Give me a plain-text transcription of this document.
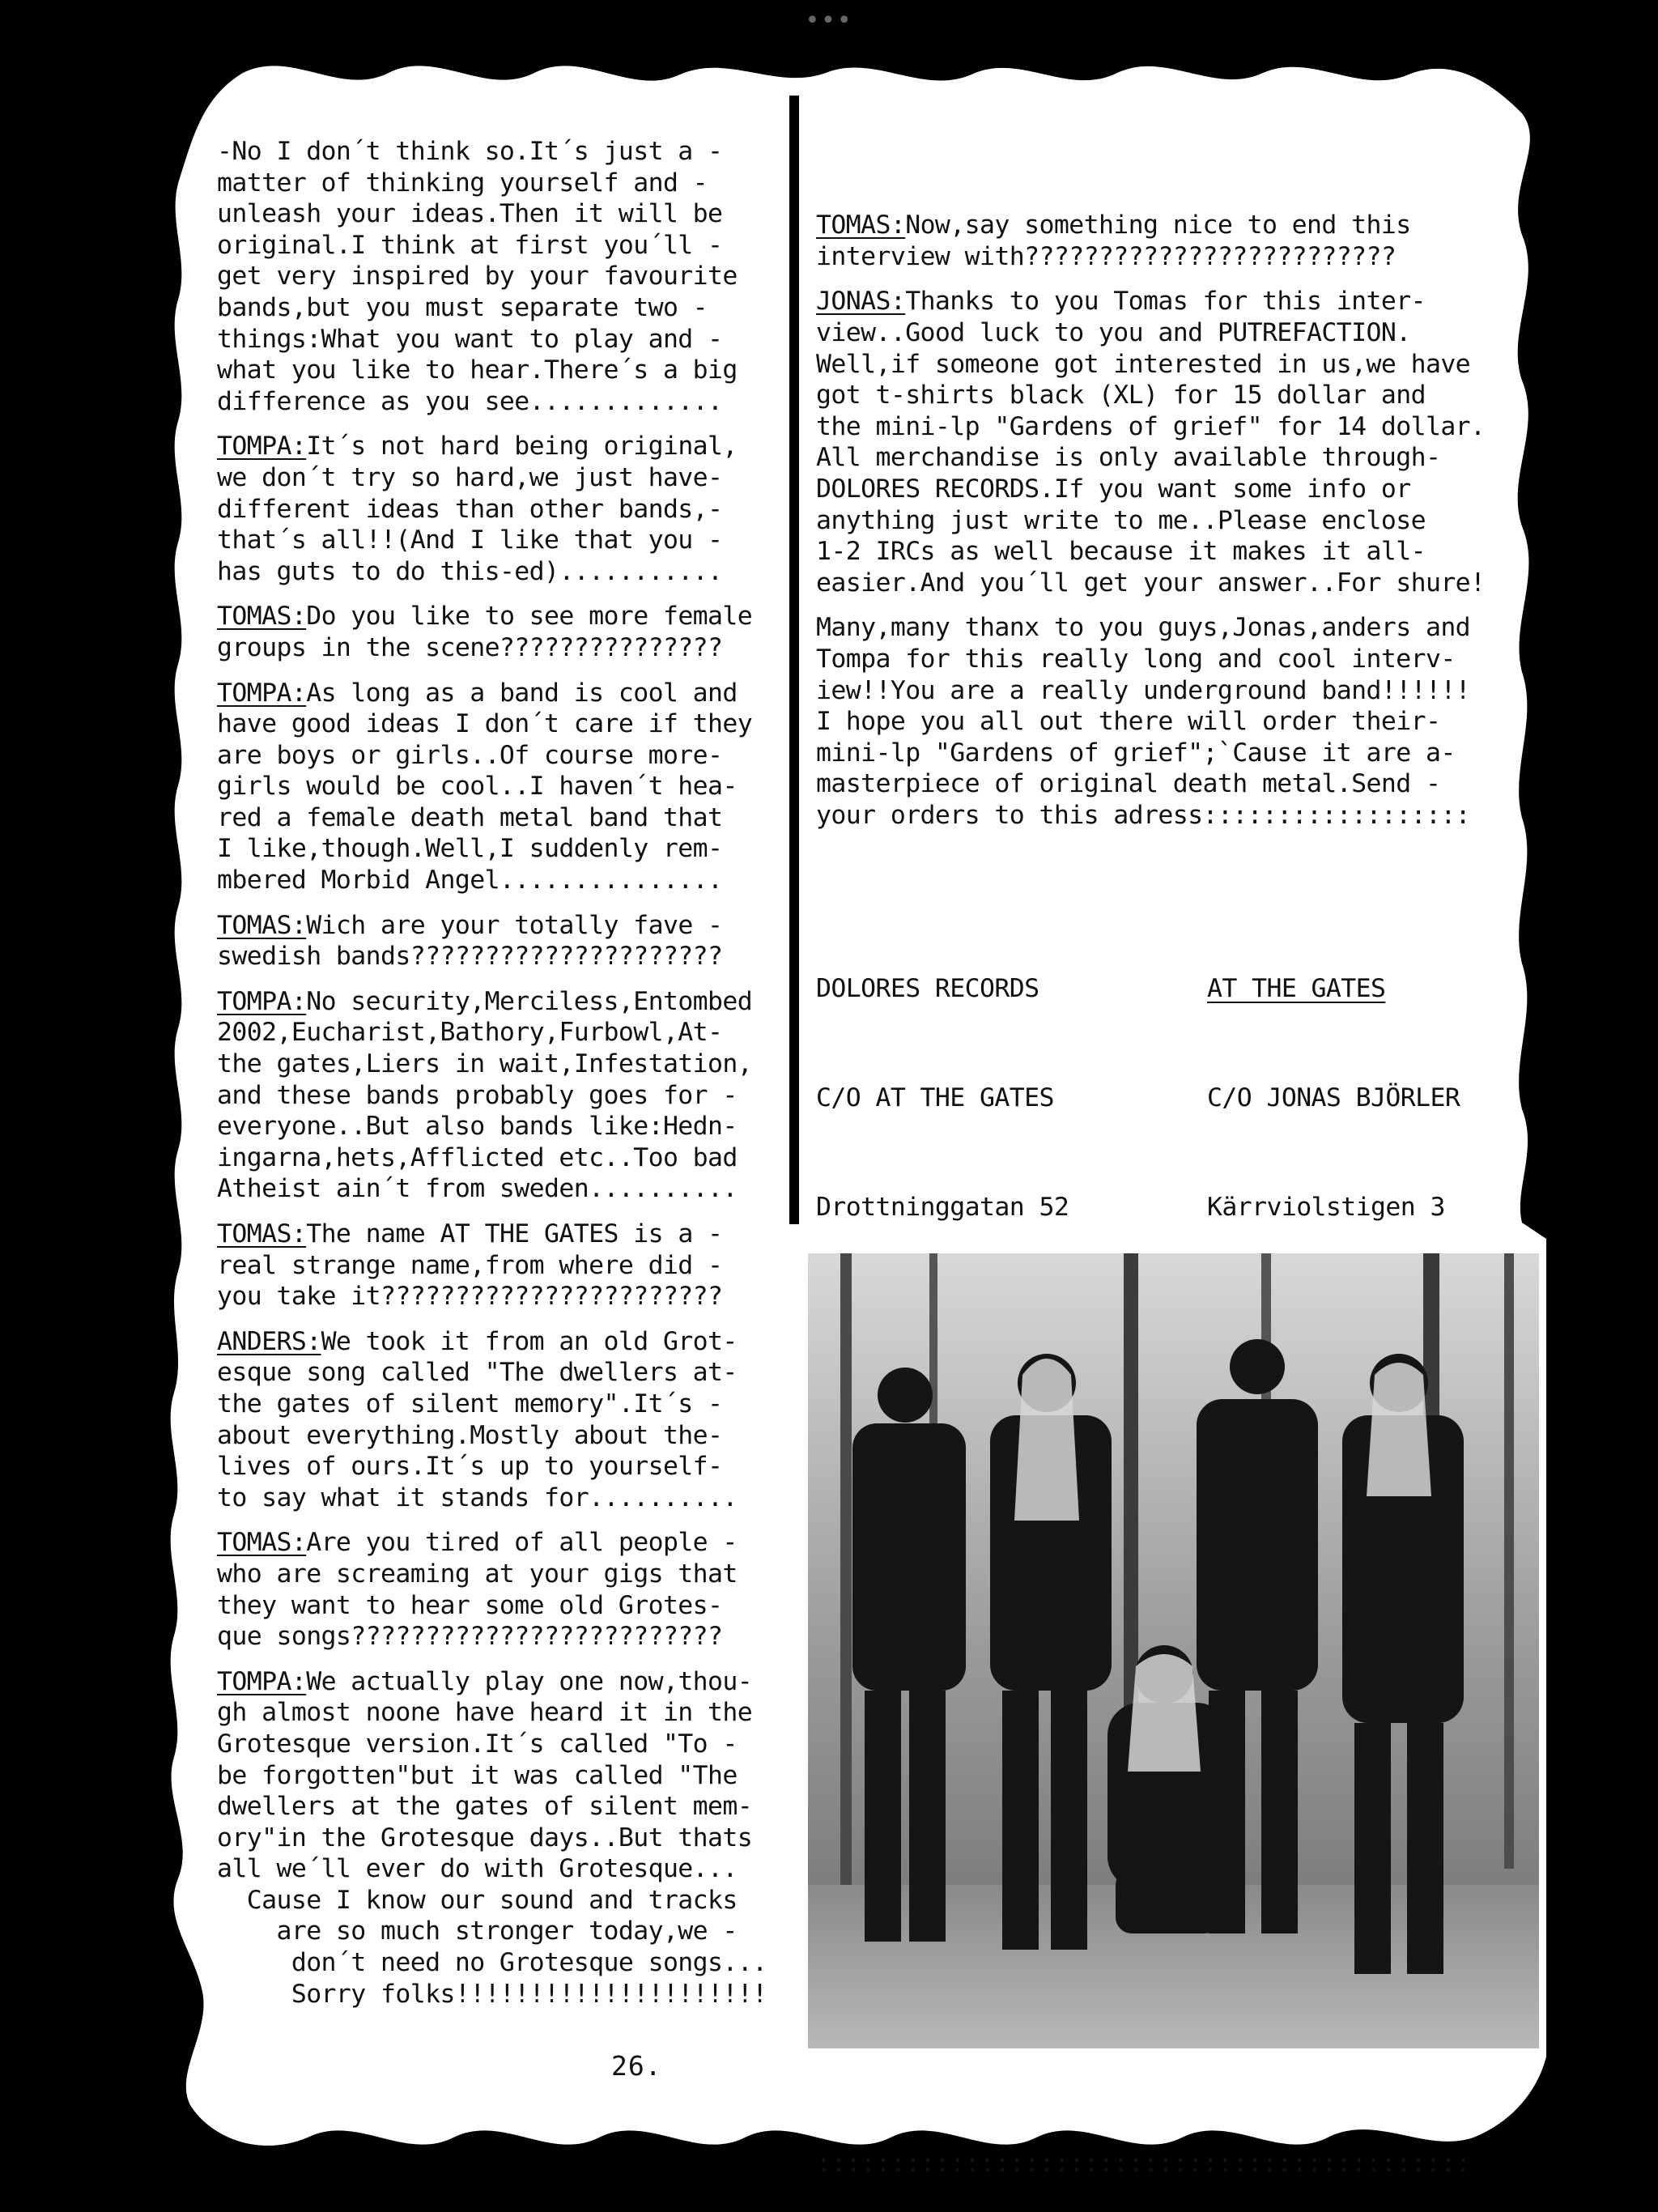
•••
-No I don´t think so.It´s just a -
matter of thinking yourself and -
unleash your ideas.Then it will be
original.I think at first you´ll -
get very inspired by your favourite
bands,but you must separate two -
things:What you want to play and -
what you like to hear.There´s a big
difference as you see.............
TOMPA:It´s not hard being original,
we don´t try so hard,we just have-
different ideas than other bands,-
that´s all!!(And I like that you -
has guts to do this-ed)...........
TOMAS:Do you like to see more female
groups in the scene???????????????
TOMPA:As long as a band is cool and
have good ideas I don´t care if they
are boys or girls..Of course more-
girls would be cool..I haven´t hea-
red a female death metal band that
I like,though.Well,I suddenly rem-
mbered Morbid Angel...............
TOMAS:Wich are your totally fave -
swedish bands?????????????????????
TOMPA:No security,Merciless,Entombed
2002,Eucharist,Bathory,Furbowl,At-
the gates,Liers in wait,Infestation,
and these bands probably goes for -
everyone..But also bands like:Hedn-
ingarna,hets,Afflicted etc..Too bad
Atheist ain´t from sweden..........
TOMAS:The name AT THE GATES is a -
real strange name,from where did -
you take it???????????????????????
ANDERS:We took it from an old Grot-
esque song called "The dwellers at-
the gates of silent memory".It´s -
about everything.Mostly about the-
lives of ours.It´s up to yourself-
to say what it stands for..........
TOMAS:Are you tired of all people -
who are screaming at your gigs that
they want to hear some old Grotes-
que songs?????????????????????????
TOMPA:We actually play one now,thou-
gh almost noone have heard it in the
Grotesque version.It´s called "To -
be forgotten"but it was called "The
dwellers at the gates of silent mem-
ory"in the Grotesque days..But thats
all we´ll ever do with Grotesque...
Cause I know our sound and tracks
are so much stronger today,we -
don´t need no Grotesque songs...
Sorry folks!!!!!!!!!!!!!!!!!!!!!

TOMAS:Now,say something nice to end this
interview with?????????????????????????
JONAS:Thanks to you Tomas for this inter-
view..Good luck to you and PUTREFACTION.
Well,if someone got interested in us,we have
got t-shirts black (XL) for 15 dollar and
the mini-lp "Gardens of grief" for 14 dollar.
All merchandise is only available through-
DOLORES RECORDS.If you want some info or
anything just write to me..Please enclose
1-2 IRCs as well because it makes it all-
easier.And you´ll get your answer..For shure!
Many,many thanx to you guys,Jonas,anders and
Tompa for this really long and cool interv-
iew!!You are a really underground band!!!!!!
I hope you all out there will order their-
mini-lp "Gardens of grief";`Cause it are a-
masterpiece of original death metal.Send -
your orders to this adress::::::::::::::::::

DOLORES RECORDS	AT THE GATES

C/O AT THE GATES	C/O JONAS BJÖRLER

Drottninggatan 52	Kärrviolstigen 3

::::::::::::::::::::::::::::::::::::::::::::

26.
